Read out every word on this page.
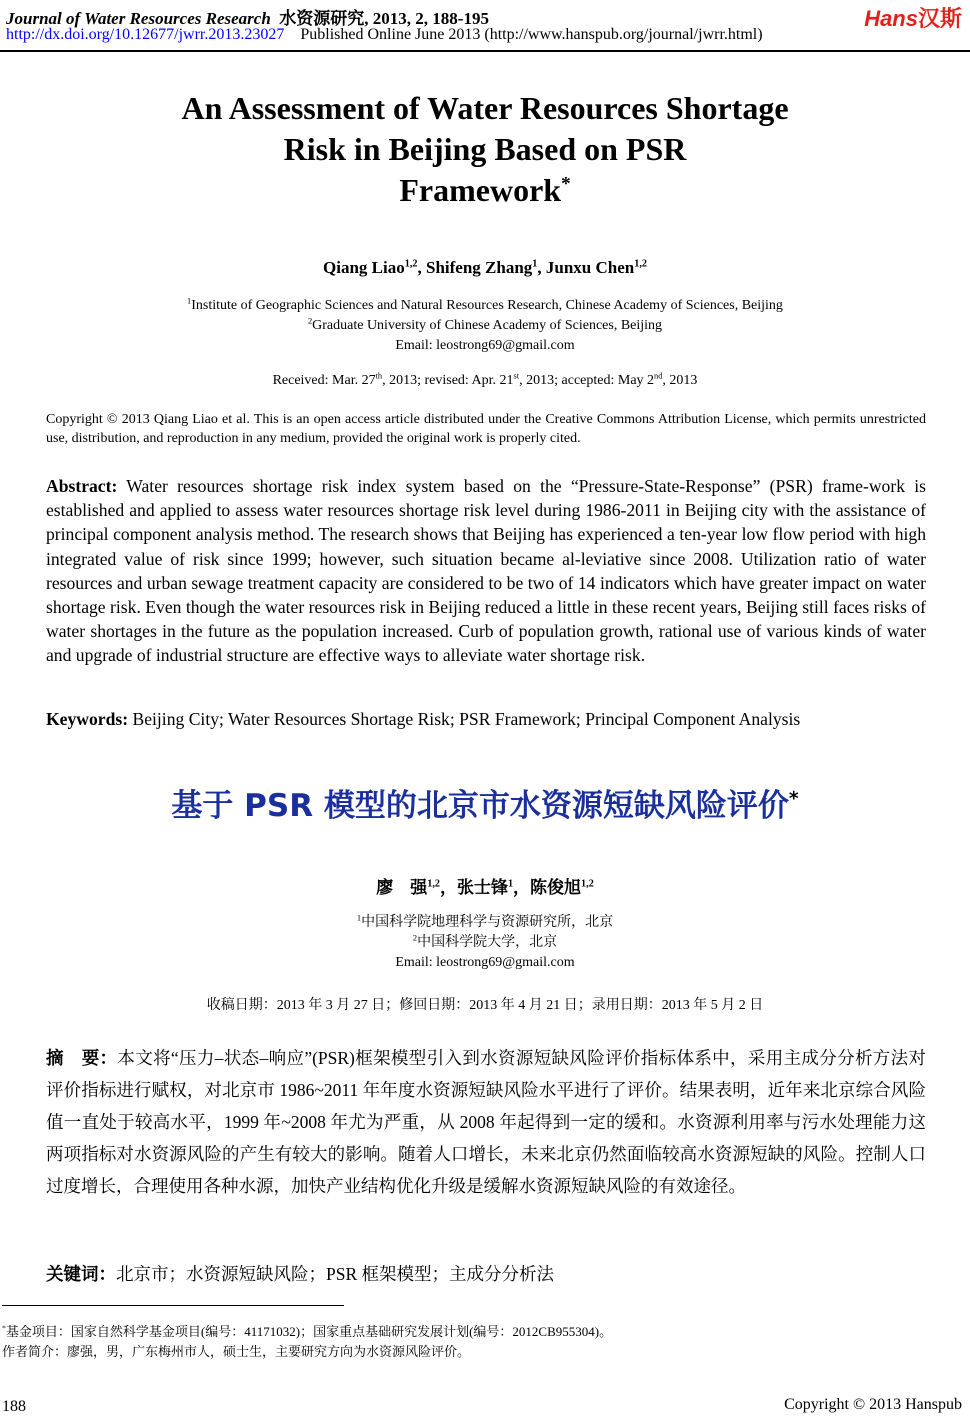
Journal of Water Resources Research 水资源研究, 2013, 2, 188-195
http://dx.doi.org/10.12677/jwrr.2013.23027 Published Online June 2013 (http://www.hanspub.org/journal/jwrr.html)
Hans汉斯
An Assessment of Water Resources Shortage
Risk in Beijing Based on PSR
Framework*
Qiang Liao$^{1,2}$, Shifeng Zhang$^1$, Junxu Chen$^{1,2}$
$^1$Institute of Geographic Sciences and Natural Resources Research, Chinese Academy of Sciences, Beijing
$^2$Graduate University of Chinese Academy of Sciences, Beijing
Email: leostrong69@gmail.com
Received: Mar. 27th, 2013; revised: Apr. 21st, 2013; accepted: May 2nd, 2013
Copyright © 2013 Qiang Liao et al. This is an open access article distributed under the Creative Commons Attribution License, which permits unrestricted use, distribution, and reproduction in any medium, provided the original work is properly cited.
Abstract: Water resources shortage risk index system based on the “Pressure-State-Response” (PSR) frame-work is established and applied to assess water resources shortage risk level during 1986-2011 in Beijing city with the assistance of principal component analysis method. The research shows that Beijing has experienced a ten-year low flow period with high integrated value of risk since 1999; however, such situation became al-leviative since 2008. Utilization ratio of water resources and urban sewage treatment capacity are considered to be two of 14 indicators which have greater impact on water shortage risk. Even though the water resources risk in Beijing reduced a little in these recent years, Beijing still faces risks of water shortages in the future as the population increased. Curb of population growth, rational use of various kinds of water and upgrade of industrial structure are effective ways to alleviate water shortage risk.
Keywords: Beijing City; Water Resources Shortage Risk; PSR Framework; Principal Component Analysis
基于 PSR 模型的北京市水资源短缺风险评价*
廖　强$^{1,2}$，张士锋$^1$，陈俊旭$^{1,2}$
$^1$中国科学院地理科学与资源研究所，北京
$^2$中国科学院大学，北京
Email: leostrong69@gmail.com
收稿日期：2013 年 3 月 27 日；修回日期：2013 年 4 月 21 日；录用日期：2013 年 5 月 2 日
摘　要：本文将“压力–状态–响应”(PSR)框架模型引入到水资源短缺风险评价指标体系中，采用主成分分析方法对评价指标进行赋权，对北京市 1986~2011 年年度水资源短缺风险水平进行了评价。结果表明，近年来北京综合风险值一直处于较高水平，1999 年~2008 年尤为严重，从 2008 年起得到一定的缓和。水资源利用率与污水处理能力这两项指标对水资源风险的产生有较大的影响。随着人口增长，未来北京仍然面临较高水资源短缺的风险。控制人口过度增长，合理使用各种水源，加快产业结构优化升级是缓解水资源短缺风险的有效途径。
关键词：北京市；水资源短缺风险；PSR 框架模型；主成分分析法
*基金项目：国家自然科学基金项目(编号：41171032)；国家重点基础研究发展计划(编号：2012CB955304)。
作者简介：廖强，男，广东梅州市人，硕士生，主要研究方向为水资源风险评价。
188	Copyright © 2013 Hanspub
